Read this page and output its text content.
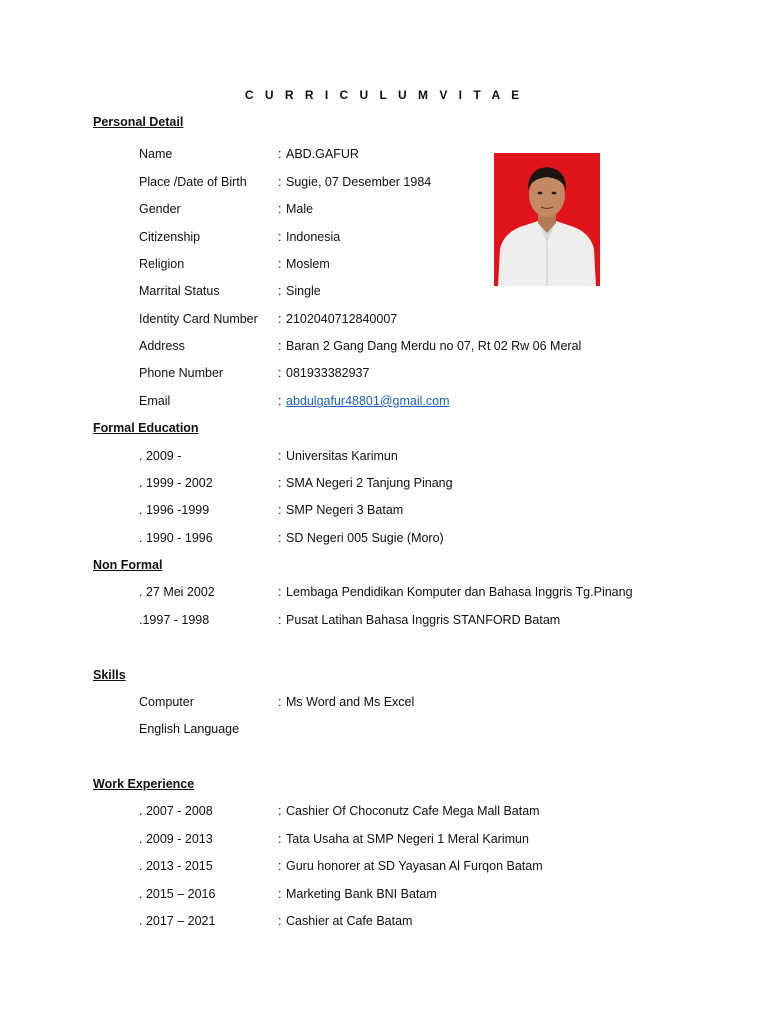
C U R R I C U L U M V I T A E
Personal Detail
Name	: ABD.GAFUR
Place /Date of Birth	: Sugie, 07 Desember 1984
Gender	: Male
Citizenship	: Indonesia
Religion	: Moslem
Marrital Status	: Single
Identity Card Number : 2102040712840007
Address	: Baran 2 Gang Dang Merdu no 07, Rt 02 Rw 06 Meral
Phone Number	: 081933382937
Email	: abdulgafur48801@gmail.com
Formal Education
. 2009 -	: Universitas Karimun
. 1999 - 2002	: SMA Negeri 2 Tanjung Pinang
. 1996 -1999	: SMP Negeri 3 Batam
. 1990 - 1996	: SD Negeri 005 Sugie (Moro)
Non Formal
. 27 Mei 2002	: Lembaga Pendidikan Komputer dan Bahasa Inggris Tg.Pinang
.1997 - 1998	: Pusat Latihan Bahasa Inggris STANFORD Batam
Skills
Computer	: Ms Word and Ms Excel
English Language
Work Experience
. 2007 - 2008	: Cashier Of Choconutz Cafe Mega Mall Batam
. 2009 - 2013	: Tata Usaha at SMP Negeri 1 Meral Karimun
. 2013 - 2015	: Guru honorer at SD Yayasan Al Furqon Batam
. 2015 – 2016	: Marketing Bank BNI Batam
. 2017 – 2021	: Cashier at Cafe Batam
